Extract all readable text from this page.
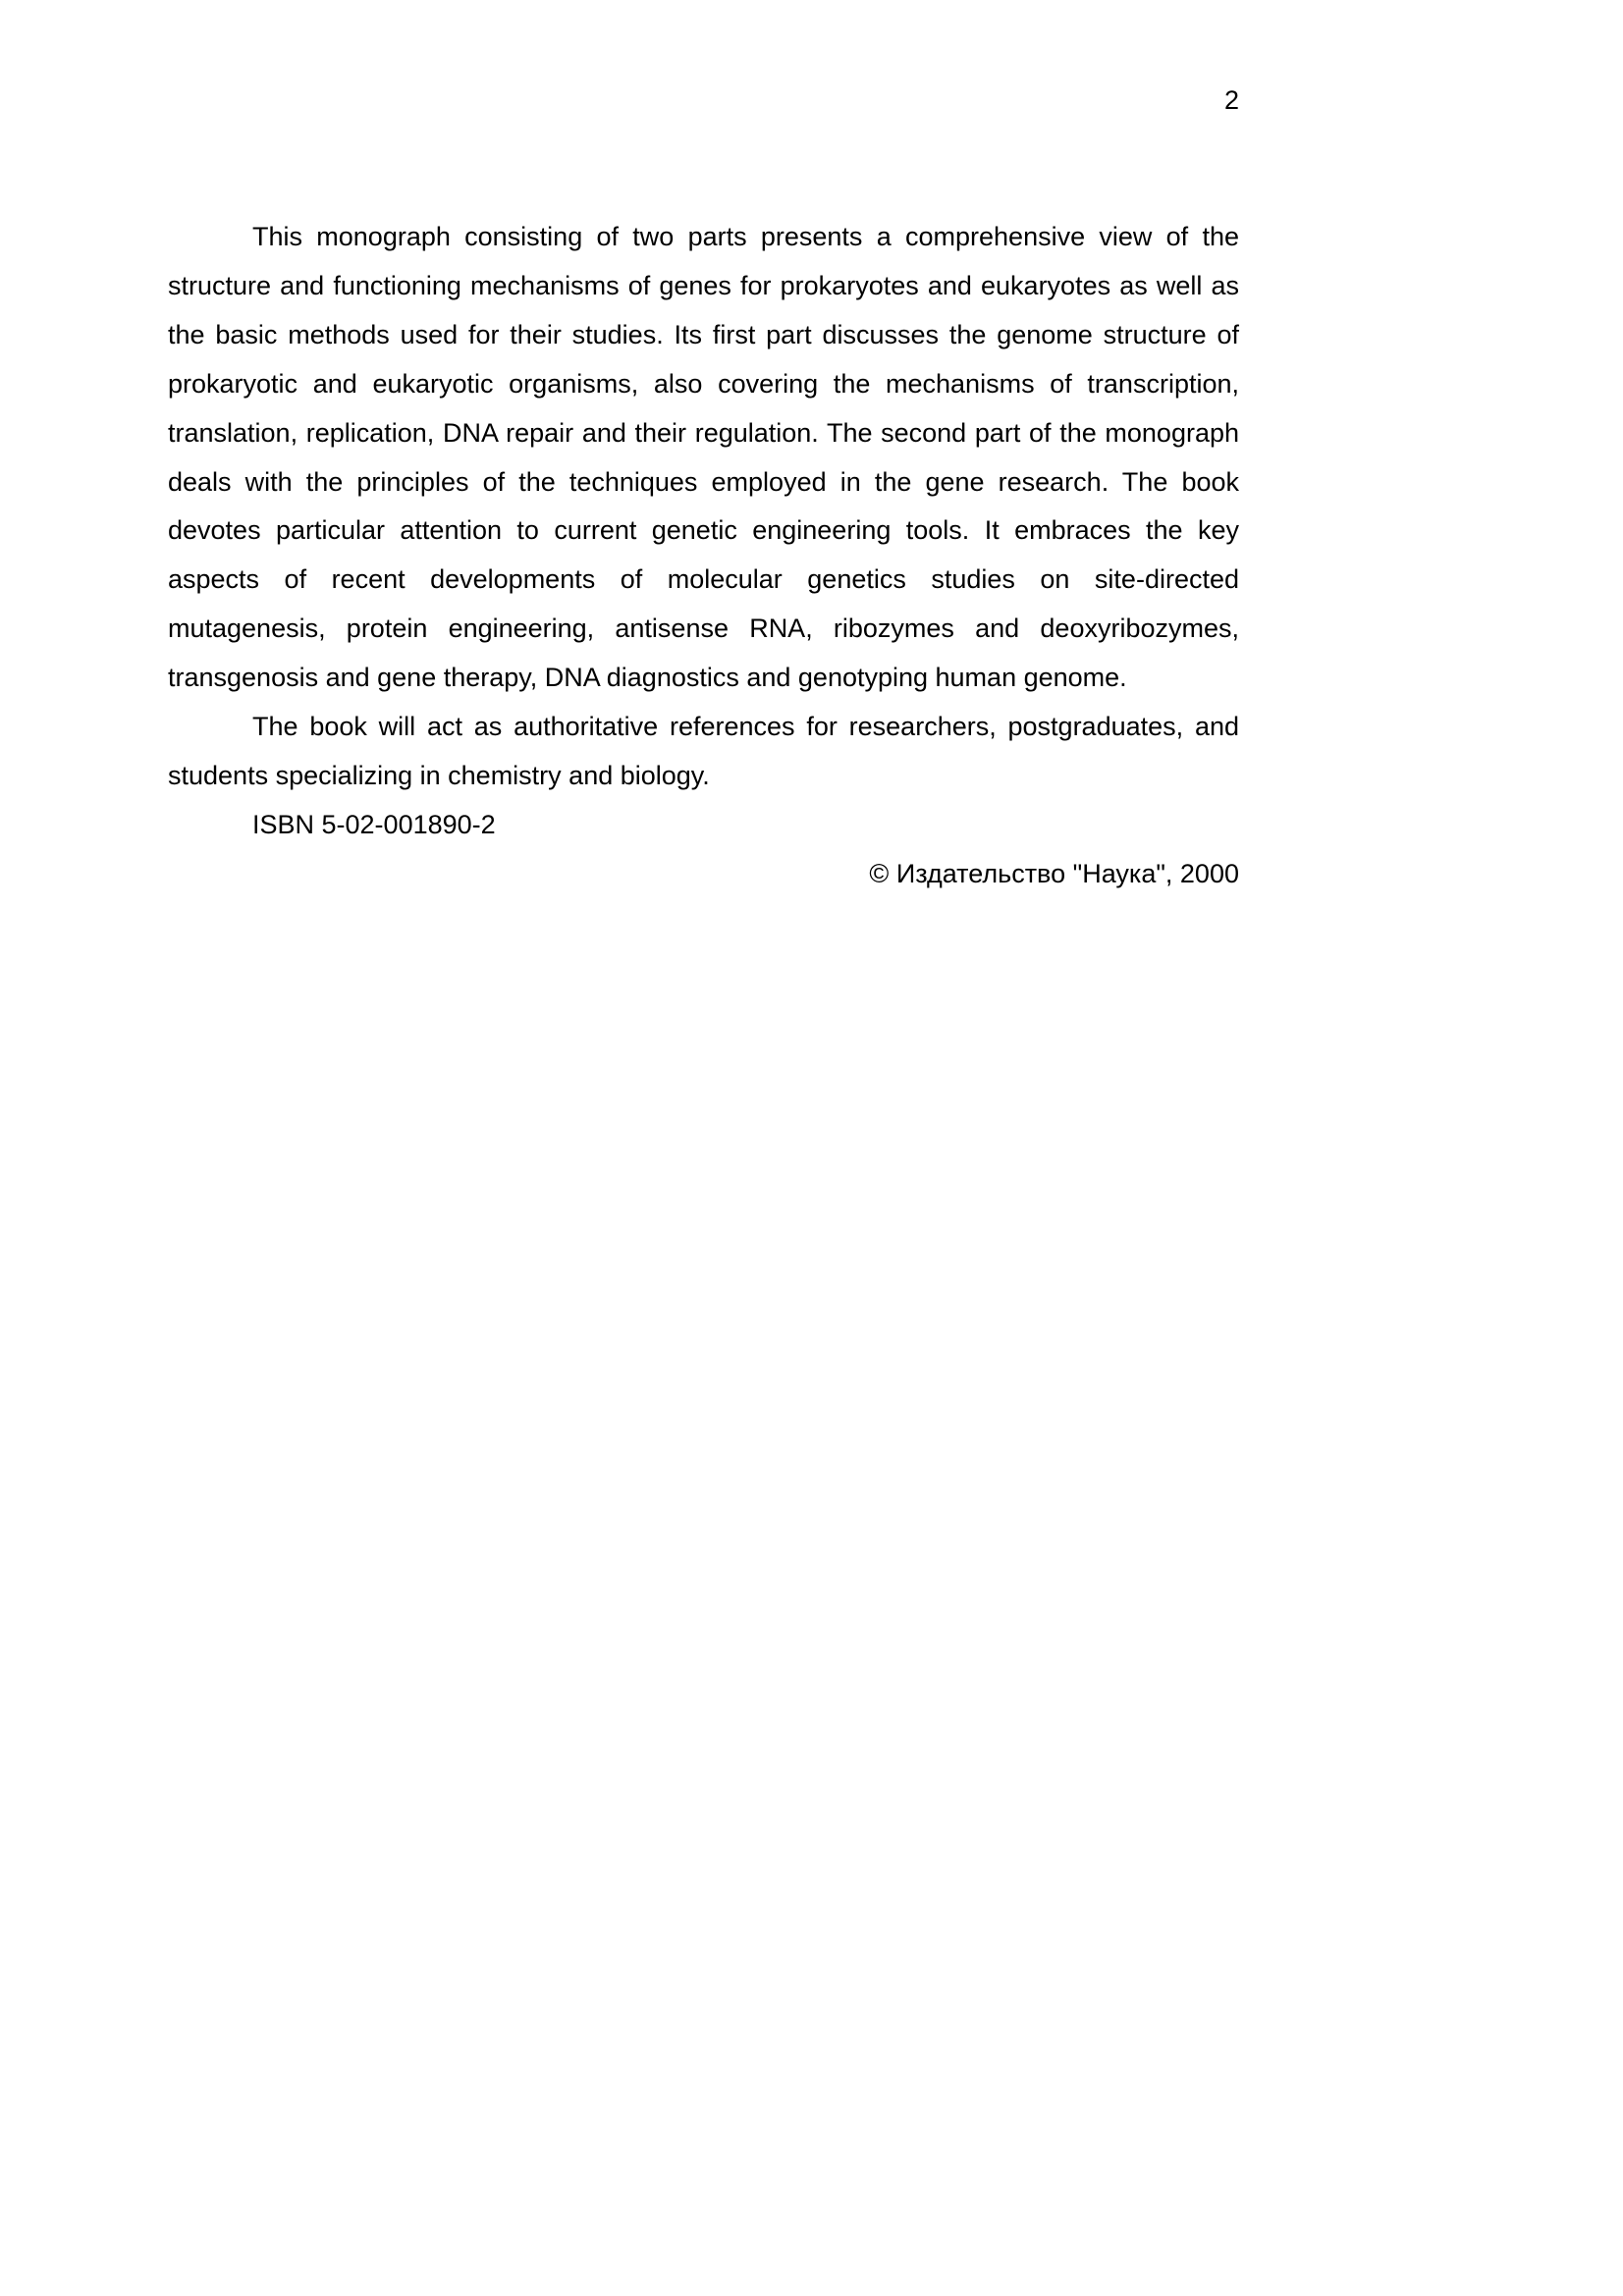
2

This monograph consisting of two parts presents a comprehensive view of the structure and functioning mechanisms of genes for prokaryotes and eukaryotes as well as the basic methods used for their studies. Its first part discusses the genome structure of prokaryotic and eukaryotic organisms, also covering the mechanisms of transcription, translation, replication, DNA repair and their regulation. The second part of the monograph deals with the principles of the techniques employed in the gene research. The book devotes particular attention to current genetic engineering tools. It embraces the key aspects of recent developments of molecular genetics studies on site-directed mutagenesis, protein engineering, antisense RNA, ribozymes and deoxyribozymes, transgenosis and gene therapy, DNA diagnostics and genotyping human genome.

The book will act as authoritative references for researchers, postgraduates, and students specializing in chemistry and biology.

ISBN 5-02-001890-2

© Издательство "Наука", 2000
